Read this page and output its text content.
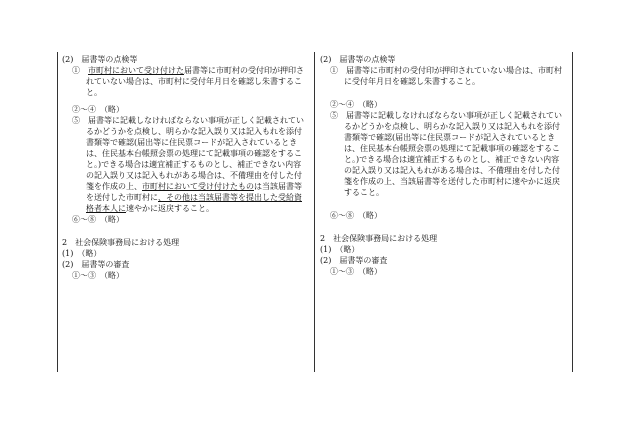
(2)　届書等の点検等
①　市町村において受け付けた届書等に市町村の受付印が押印さ
れていない場合は、市町村に受付年月日を確認し朱書するこ
と。
②～④　（略）
⑤　届書等に記載しなければならない事項が正しく記載されてい
るかどうかを点検し、明らかな記入誤り又は記入もれを添付
書類等で確認(届出等に住民票コードが記入されているとき
は、住民基本台帳照会票の処理にて記載事項の確認をするこ
と。)できる場合は適宜補正するものとし、補正できない内容
の記入誤り又は記入もれがある場合は、不備理由を付した付
箋を作成の上、市町村において受け付けたものは当該届書等
を送付した市町村に、その他は当該届書等を提出した受給資
格者本人に速やかに返戻すること。
⑥～⑧　（略）
2　社会保険事務局における処理
(1)　（略）
(2)　届書等の審査
①～③　（略）
(2)　届書等の点検等
①　届書等に市町村の受付印が押印されていない場合は、市町村
に受付年月日を確認し朱書すること。
②～④　（略）
⑤　届書等に記載しなければならない事項が正しく記載されてい
るかどうかを点検し、明らかな記入誤り又は記入もれを添付
書類等で確認(届出等に住民票コードが記入されているとき
は、住民基本台帳照会票の処理にて記載事項の確認をするこ
と。)できる場合は適宜補正するものとし、補正できない内容
の記入誤り又は記入もれがある場合は、不備理由を付した付
箋を作成の上、当該届書等を送付した市町村に速やかに返戻
すること。
⑥～⑧　（略）
2　社会保険事務局における処理
(1)　（略）
(2)　届書等の審査
①～③　（略）
